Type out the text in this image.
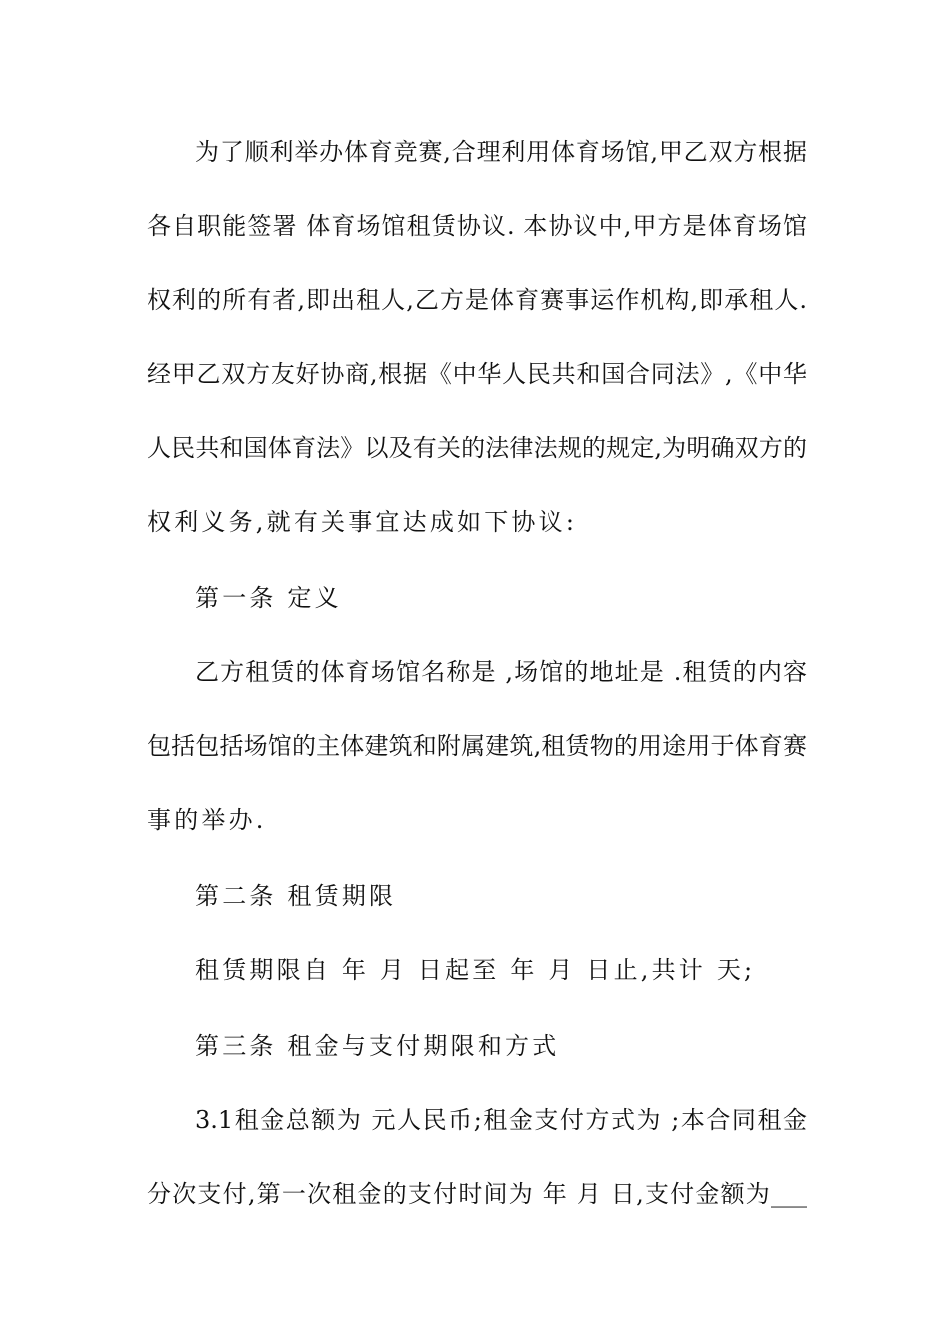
为了顺利举办体育竞赛,合理利用体育场馆,甲乙双方根据
各自职能签署 体育场馆租赁协议. 本协议中,甲方是体育场馆
权利的所有者,即出租人,乙方是体育赛事运作机构,即承租人.
经甲乙双方友好协商,根据《中华人民共和国合同法》,《中华
人民共和国体育法》以及有关的法律法规的规定,为明确双方的
权利义务,就有关事宜达成如下协议:
第一条 定义
乙方租赁的体育场馆名称是 ,场馆的地址是 .租赁的内容
包括包括场馆的主体建筑和附属建筑,租赁物的用途用于体育赛
事的举办.
第二条 租赁期限
租赁期限自 年 月 日起至 年 月 日止,共计 天;
第三条 租金与支付期限和方式
3.1租金总额为 元人民币;租金支付方式为 ;本合同租金
分次支付,第一次租金的支付时间为 年 月 日,支付金额为___
